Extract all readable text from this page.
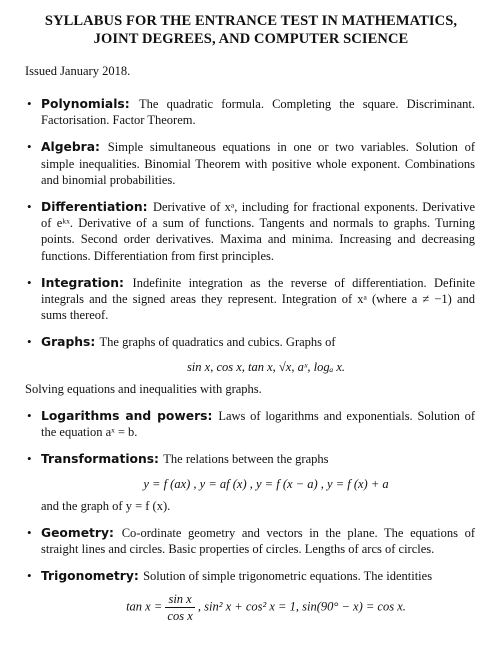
SYLLABUS FOR THE ENTRANCE TEST IN MATHEMATICS,
JOINT DEGREES, AND COMPUTER SCIENCE
Issued January 2018.
• Polynomials: The quadratic formula. Completing the square. Discriminant. Factorisation. Factor Theorem.
• Algebra: Simple simultaneous equations in one or two variables. Solution of simple inequalities. Binomial Theorem with positive whole exponent. Combinations and binomial probabilities.
• Differentiation: Derivative of xᵃ, including for fractional exponents. Derivative of eᵏˣ. Derivative of a sum of functions. Tangents and normals to graphs. Turning points. Second order derivatives. Maxima and minima. Increasing and decreasing functions. Differentiation from first principles.
• Integration: Indefinite integration as the reverse of differentiation. Definite integrals and the signed areas they represent. Integration of xᵃ (where a ≠ −1) and sums thereof.
• Graphs: The graphs of quadratics and cubics. Graphs of
sin x, cos x, tan x, √x, aˣ, logₐ x.
Solving equations and inequalities with graphs.
• Logarithms and powers: Laws of logarithms and exponentials. Solution of the equation aˣ = b.
• Transformations: The relations between the graphs
y = f (ax) , y = af (x) , y = f (x − a) , y = f (x) + a
and the graph of y = f (x).
• Geometry: Co-ordinate geometry and vectors in the plane. The equations of straight lines and circles. Basic properties of circles. Lengths of arcs of circles.
• Trigonometry: Solution of simple trigonometric equations. The identities
$\tan x = \frac{\text{sin x}}{\text{cos x}}$ , sin² x + cos² x = 1, sin(90° − x) = cos x.
